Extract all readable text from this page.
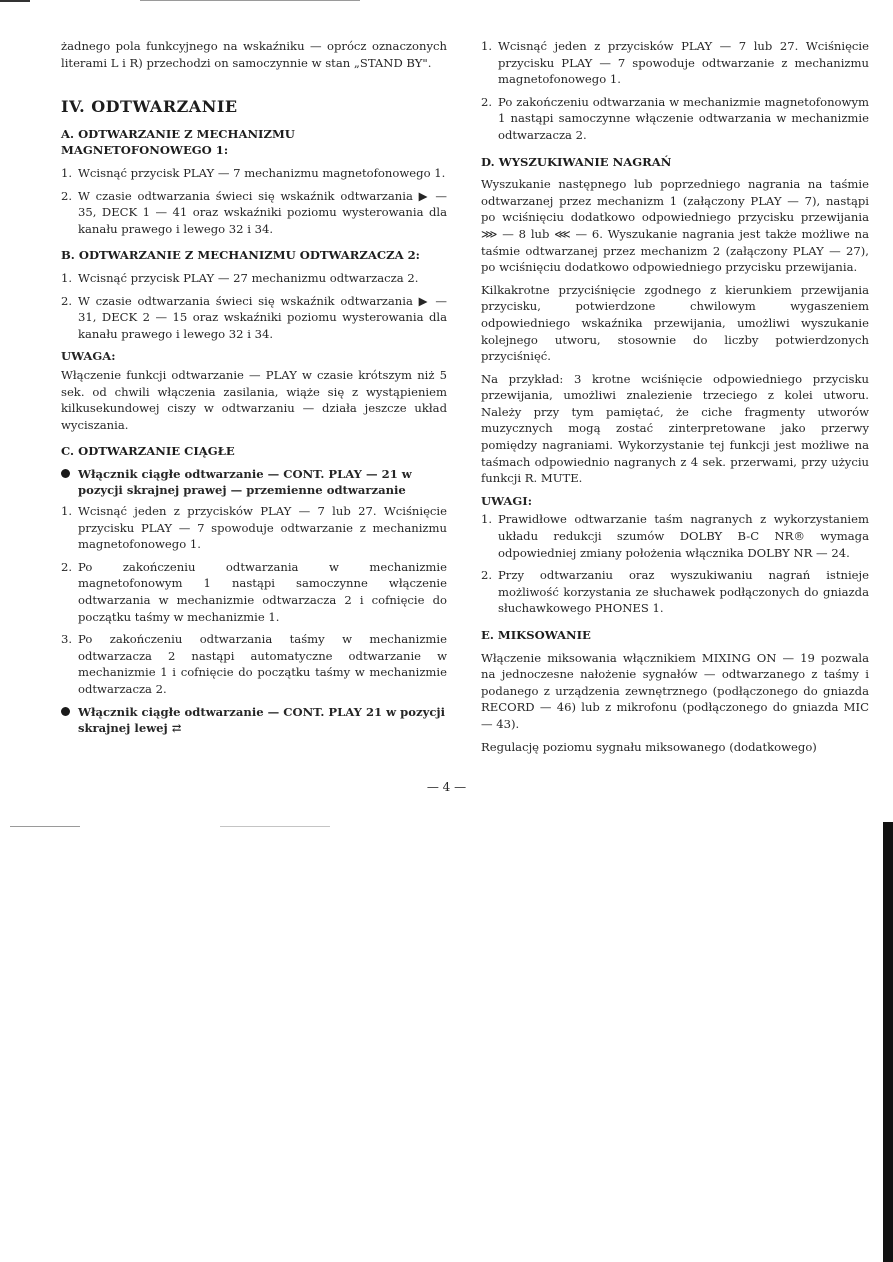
żadnego pola funkcyjnego na wskaźniku — oprócz oznaczonych literami L i R) przechodzi on samoczynnie w stan „STAND BY".

IV. ODTWARZANIE
A. ODTWARZANIE Z MECHANIZMU MAGNETOFONOWEGO 1:
1. Wcisnąć przycisk PLAY — 7 mechanizmu magnetofonowego 1.
2. W czasie odtwarzania świeci się wskaźnik odtwarzania ▶ — 35, DECK 1 — 41 oraz wskaźniki poziomu wysterowania dla kanału prawego i lewego 32 i 34.
B. ODTWARZANIE Z MECHANIZMU ODTWARZACZA 2:
1. Wcisnąć przycisk PLAY — 27 mechanizmu odtwarzacza 2.
2. W czasie odtwarzania świeci się wskaźnik odtwarzania ▶ — 31, DECK 2 — 15 oraz wskaźniki poziomu wysterowania dla kanału prawego i lewego 32 i 34.
UWAGA:

Włączenie funkcji odtwarzanie — PLAY w czasie krótszym niż 5 sek. od chwili włączenia zasilania, wiąże się z wystąpieniem kilkusekundowej ciszy w odtwarzaniu — działa jeszcze układ wyciszania.

C. ODTWARZANIE CIĄGŁE
Włącznik ciągłe odtwarzanie — CONT. PLAY — 21 w pozycji skrajnej prawej — przemienne odtwarzanie
1. Wcisnąć jeden z przycisków PLAY — 7 lub 27. Wciśnięcie przycisku PLAY — 7 spowoduje odtwarzanie z mechanizmu magnetofonowego 1.
2. Po zakończeniu odtwarzania w mechanizmie magnetofonowym 1 nastąpi samoczynne włączenie odtwarzania w mechanizmie odtwarzacza 2 i cofnięcie do początku taśmy w mechanizmie 1.
3. Po zakończeniu odtwarzania taśmy w mechanizmie odtwarzacza 2 nastąpi automatyczne odtwarzanie w mechanizmie 1 i cofnięcie do początku taśmy w mechanizmie odtwarzacza 2.
Włącznik ciągłe odtwarzanie — CONT. PLAY 21 w pozycji skrajnej lewej ⇄
1. Wcisnąć jeden z przycisków PLAY — 7 lub 27. Wciśnięcie przycisku PLAY — 7 spowoduje odtwarzanie z mechanizmu magnetofonowego 1.
2. Po zakończeniu odtwarzania w mechanizmie magnetofonowym 1 nastąpi samoczynne włączenie odtwarzania w mechanizmie odtwarzacza 2.
D. WYSZUKIWANIE NAGRAŃ

Wyszukanie następnego lub poprzedniego nagrania na taśmie odtwarzanej przez mechanizm 1 (załączony PLAY — 7), nastąpi po wciśnięciu dodatkowo odpowiedniego przycisku przewijania ⋙ — 8 lub ⋘ — 6. Wyszukanie nagrania jest także możliwe na taśmie odtwarzanej przez mechanizm 2 (załączony PLAY — 27), po wciśnięciu dodatkowo odpowiedniego przycisku przewijania.

Kilkakrotne przyciśnięcie zgodnego z kierunkiem przewijania przycisku, potwierdzone chwilowym wygaszeniem odpowiedniego wskaźnika przewijania, umożliwi wyszukanie kolejnego utworu, stosownie do liczby potwierdzonych przyciśnięć.

Na przykład: 3 krotne wciśnięcie odpowiedniego przycisku przewijania, umożliwi znalezienie trzeciego z kolei utworu. Należy przy tym pamiętać, że ciche fragmenty utworów muzycznych mogą zostać zinterpretowane jako przerwy pomiędzy nagraniami. Wykorzystanie tej funkcji jest możliwe na taśmach odpowiednio nagranych z 4 sek. przerwami, przy użyciu funkcji R. MUTE.

UWAGI:
1. Prawidłowe odtwarzanie taśm nagranych z wykorzystaniem układu redukcji szumów DOLBY B-C NR® wymaga odpowiedniej zmiany położenia włącznika DOLBY NR — 24.
2. Przy odtwarzaniu oraz wyszukiwaniu nagrań istnieje możliwość korzystania ze słuchawek podłączonych do gniazda słuchawkowego PHONES 1.
E. MIKSOWANIE

Włączenie miksowania włącznikiem MIXING ON — 19 pozwala na jednoczesne nałożenie sygnałów — odtwarzanego z taśmy i podanego z urządzenia zewnętrznego (podłączonego do gniazda RECORD — 46) lub z mikrofonu (podłączonego do gniazda MIC — 43).

Regulację poziomu sygnału miksowanego (dodatkowego)

— 4 —
